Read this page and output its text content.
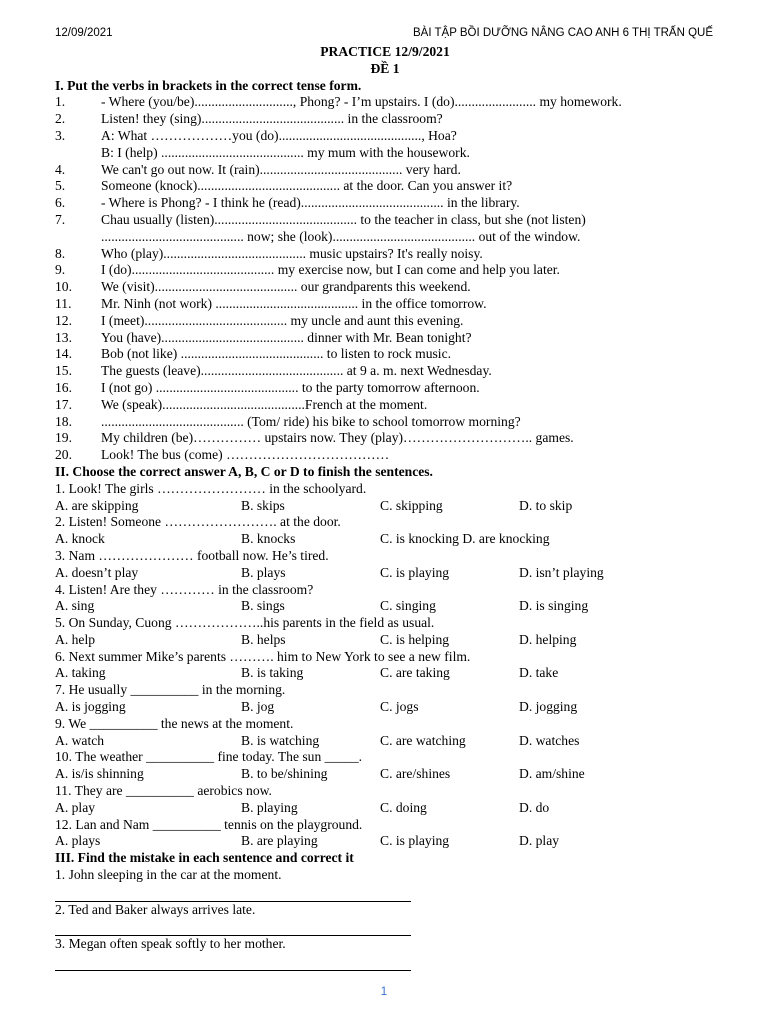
12/09/2021	BÀI TẬP BỒI DƯỠNG NÂNG CAO ANH 6 THỊ TRẤN QUẾ
PRACTICE 12/9/2021
ĐỀ 1
I. Put the verbs in brackets in the correct tense form.
1.	- Where (you/be)............................., Phong? - I’m upstairs. I (do)........................ my homework.
2.	Listen! they (sing).......................................... in the classroom?
3.	A: What ………………you (do).........................................., Hoa?
B: I (help) .......................................... my mum with the housework.
4.	We can't go out now. It (rain).......................................... very hard.
5.	Someone (knock).......................................... at the door. Can you answer it?
6.	- Where is Phong? - I think he (read).......................................... in the library.
7.	Chau usually (listen).......................................... to the teacher in class, but she (not listen)
.......................................... now; she (look).......................................... out of the window.
8.	Who (play).......................................... music upstairs? It's really noisy.
9.	I (do).......................................... my exercise now, but I can come and help you later.
10. We (visit).......................................... our grandparents this weekend.
11. Mr. Ninh (not work) .......................................... in the office tomorrow.
12. I (meet).......................................... my uncle and aunt this evening.
13. You (have).......................................... dinner with Mr. Bean tonight?
14. Bob (not like) .......................................... to listen to rock music.
15. The guests (leave).......................................... at 9 a. m. next Wednesday.
16. I (not go) .......................................... to the party tomorrow afternoon.
17. We (speak)..........................................French at the moment.
18. .......................................... (Tom/ ride) his bike to school tomorrow morning?
19. My children (be)…………… upstairs now. They (play)……………………….. games.
20. Look! The bus (come) ………………………………
II. Choose the correct answer A, B, C or D to finish the sentences.
1. Look! The girls …………………… in the schoolyard.
A. are skipping	B. skips	C. skipping	D. to skip
2. Listen! Someone ……………………. at the door.
A. knock	B. knocks	C. is knocking D. are knocking
3. Nam ………………… football now. He’s tired.
A. doesn’t play	B. plays	C. is playing	D. isn’t playing
4. Listen! Are they ………… in the classroom?
A. sing	B. sings	C. singing	D. is singing
5. On Sunday, Cuong ………………..his parents in the field as usual.
A. help	B. helps	C. is helping	D. helping
6. Next summer Mike’s parents ………. him to New York to see a new film.
A. taking	B. is taking	C. are taking	D. take
7. He usually __________ in the morning.
A. is jogging	B. jog	C. jogs	D. jogging
9. We __________ the news at the moment.
A. watch	B. is watching	C. are watching	D. watches
10. The weather __________ fine today. The sun _____.
A. is/is shinning	B. to be/shining	C. are/shines	D. am/shine
11. They are __________ aerobics now.
A. play	B. playing	C. doing	D. do
12. Lan and Nam __________ tennis on the playground.
A. plays	B. are playing	C. is playing	D. play
III. Find the mistake in each sentence and correct it
1. John sleeping in the car at the moment.
2. Ted and Baker always arrives late.
3. Megan often speak softly to her mother.
1
